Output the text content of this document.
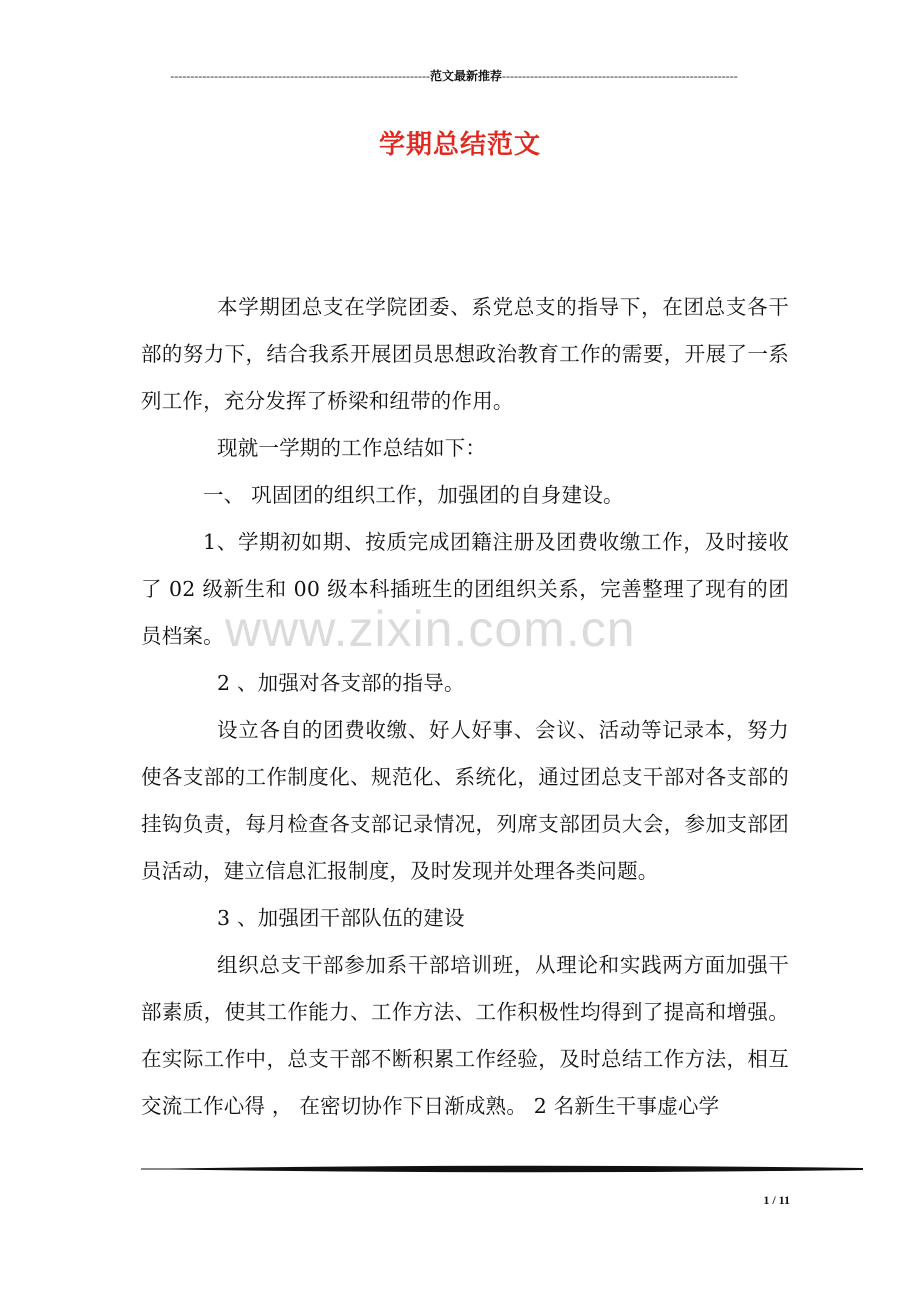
-----------------------------------------------------------------范文最新推荐-----------------------------------------------------------
学期总结范文
www.zixin.com.cn

本学期团总支在学院团委、系党总支的指导下，在团总支各干部的努力下，结合我系开展团员思想政治教育工作的需要，开展了一系列工作，充分发挥了桥梁和纽带的作用。

现就一学期的工作总结如下：

一、 巩固团的组织工作，加强团的自身建设。

1、学期初如期、按质完成团籍注册及团费收缴工作，及时接收了 02 级新生和 00 级本科插班生的团组织关系，完善整理了现有的团员档案。

2 、加强对各支部的指导。

设立各自的团费收缴、好人好事、会议、活动等记录本，努力使各支部的工作制度化、规范化、系统化，通过团总支干部对各支部的挂钩负责，每月检查各支部记录情况，列席支部团员大会，参加支部团员活动，建立信息汇报制度，及时发现并处理各类问题。

3 、加强团干部队伍的建设

组织总支干部参加系干部培训班，从理论和实践两方面加强干部素质，使其工作能力、工作方法、工作积极性均得到了提高和增强。在实际工作中，总支干部不断积累工作经验，及时总结工作方法，相互交流工作心得 ， 在密切协作下日渐成熟。 2 名新生干事虚心学

1 / 11
